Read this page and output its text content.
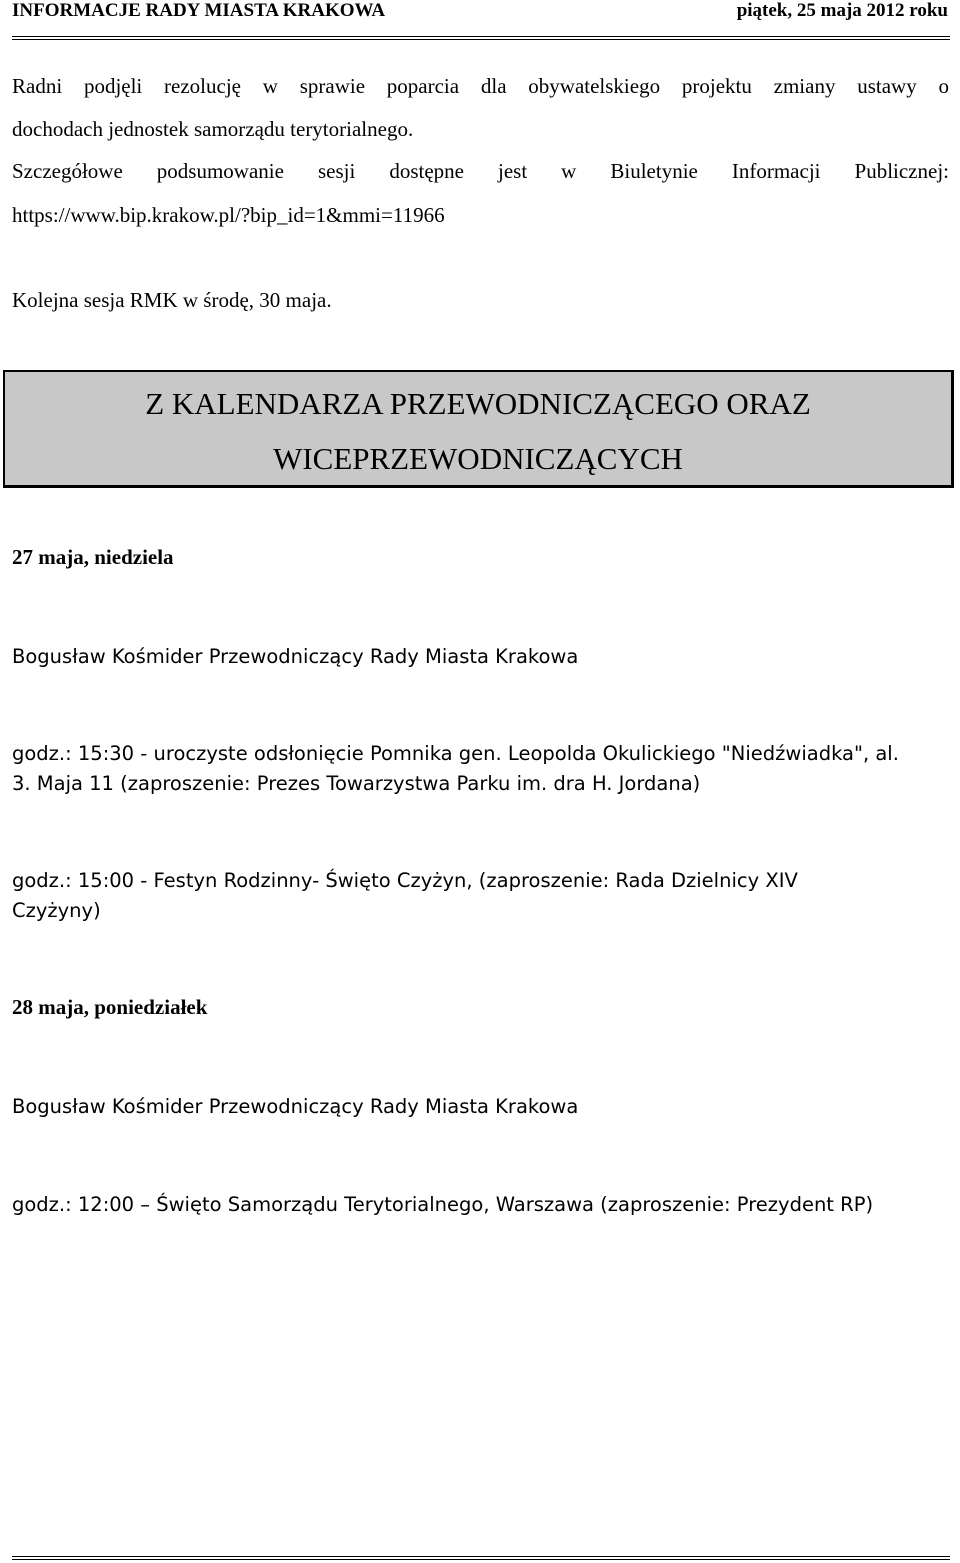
INFORMACJE RADY MIASTA KRAKOWA	piątek, 25 maja 2012 roku
Radni podjęli rezolucję w sprawie poparcia dla obywatelskiego projektu zmiany ustawy o
dochodach jednostek samorządu terytorialnego.
Szczegółowe podsumowanie sesji dostępne jest w Biuletynie Informacji Publicznej:
https://www.bip.krakow.pl/?bip_id=1&mmi=11966
Kolejna sesja RMK w środę, 30 maja.
Z KALENDARZA PRZEWODNICZĄCEGO ORAZ
WICEPRZEWODNICZĄCYCH
27 maja, niedziela
Bogusław Kośmider Przewodniczący Rady Miasta Krakowa
godz.: 15:30 - uroczyste odsłonięcie Pomnika gen. Leopolda Okulickiego "Niedźwiadka", al.
3. Maja 11 (zaproszenie: Prezes Towarzystwa Parku im. dra H. Jordana)
godz.: 15:00 - Festyn Rodzinny- Święto Czyżyn, (zaproszenie: Rada Dzielnicy XIV
Czyżyny)
28 maja, poniedziałek
Bogusław Kośmider Przewodniczący Rady Miasta Krakowa
godz.: 12:00 – Święto Samorządu Terytorialnego, Warszawa (zaproszenie: Prezydent RP)
